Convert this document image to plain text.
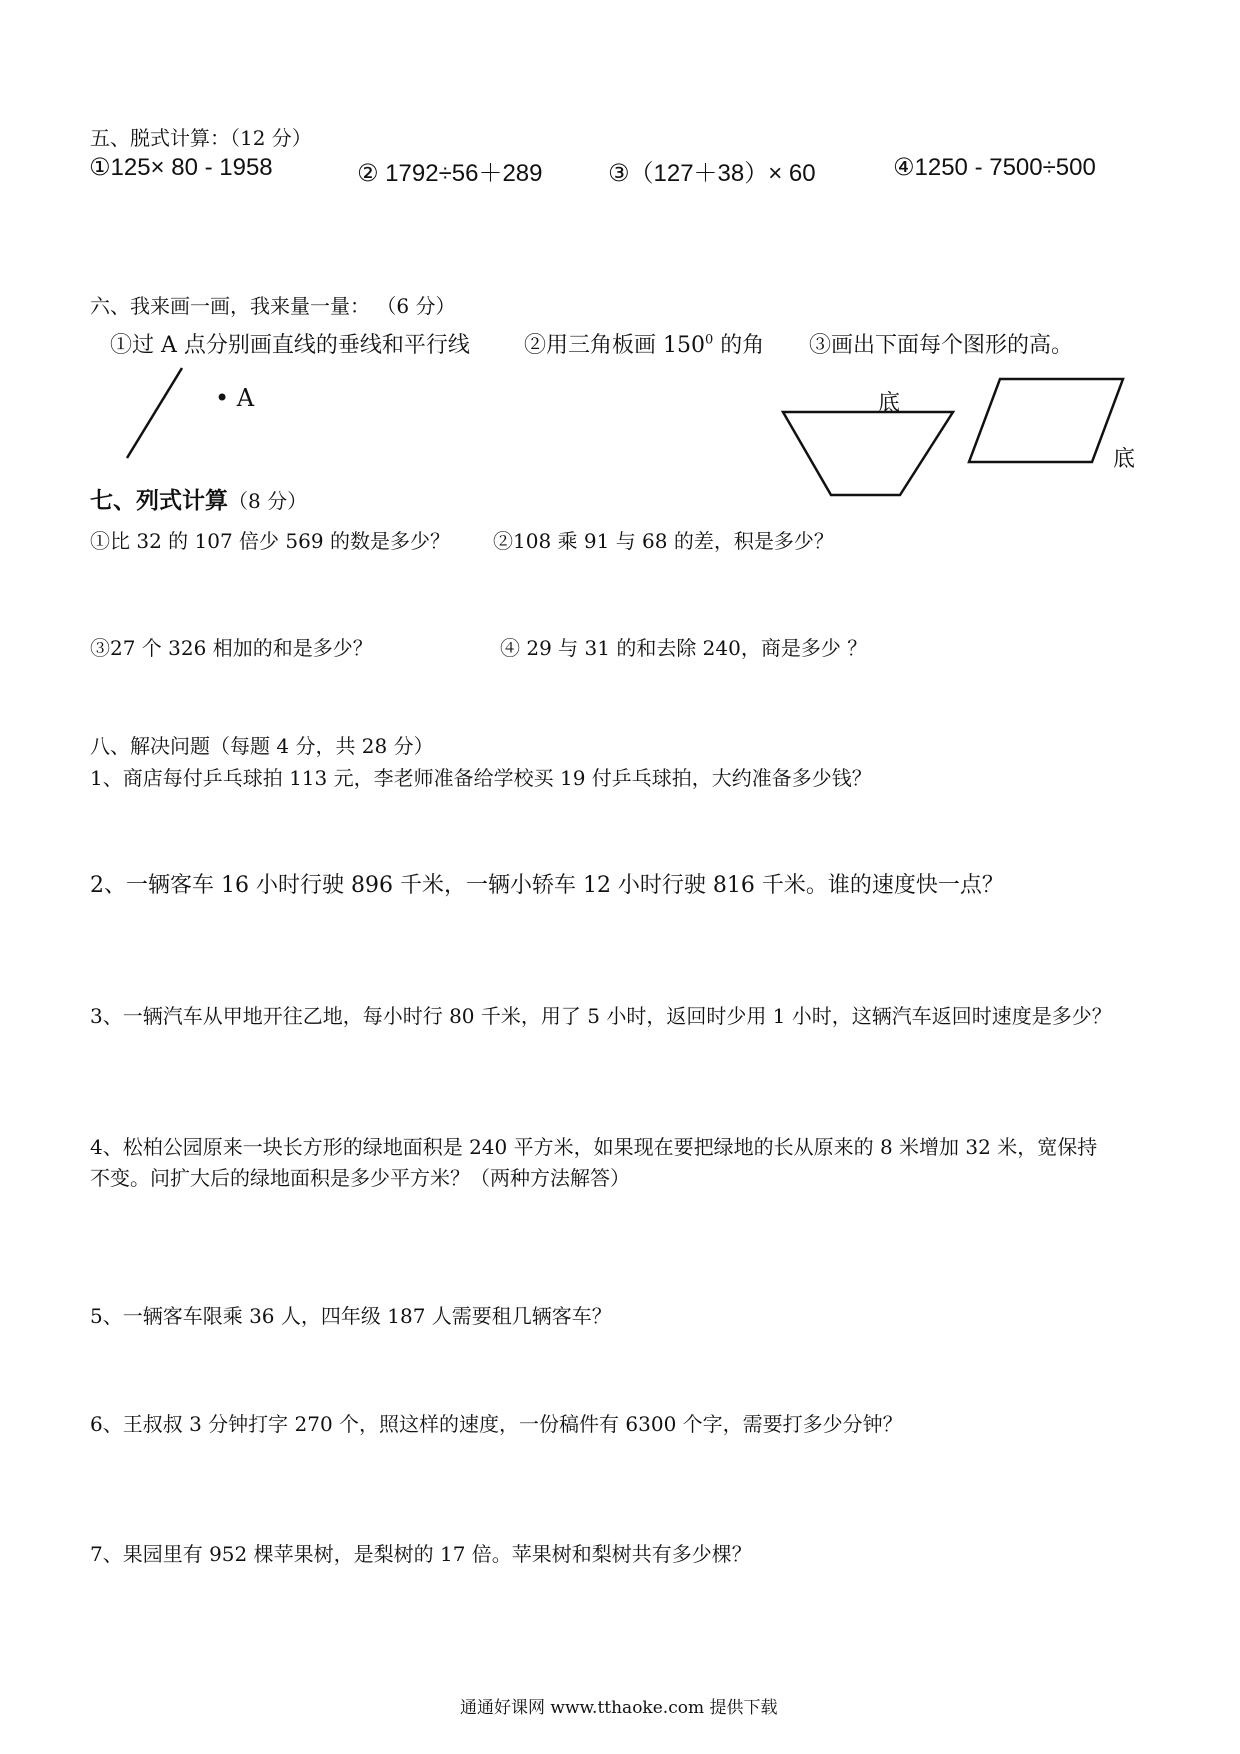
五、脱式计算：（12 分）
①125× 80 - 1958	② 1792÷56＋289	③（127＋38）× 60	④1250 - 7500÷500
六、我来画一画，我来量一量： （6 分）
①过 A 点分别画直线的垂线和平行线 ②用三角板画 $150^0$ 的角 ③画出下面每个图形的高。
• A	底
底
七、列式计算（8 分）
①比 32 的 107 倍少 569 的数是多少？ ②108 乘 91 与 68 的差，积是多少？
③27 个 326 相加的和是多少？	④ 29 与 31 的和去除 240，商是多少 ？
八、解决问题（每题 4 分，共 28 分）
1、商店每付乒乓球拍 113 元，李老师准备给学校买 19 付乒乓球拍，大约准备多少钱？
2、一辆客车 16 小时行驶 896 千米，一辆小轿车 12 小时行驶 816 千米。谁的速度快一点？
3、一辆汽车从甲地开往乙地，每小时行 80 千米，用了 5 小时，返回时少用 1 小时，这辆汽车返回时速度是多少？
4、松柏公园原来一块长方形的绿地面积是 240 平方米，如果现在要把绿地的长从原来的 8 米增加 32 米，宽保持
不变。问扩大后的绿地面积是多少平方米？（两种方法解答）
5、一辆客车限乘 36 人，四年级 187 人需要租几辆客车？
6、王叔叔 3 分钟打字 270 个，照这样的速度，一份稿件有 6300 个字，需要打多少分钟？
7、果园里有 952 棵苹果树，是梨树的 17 倍。苹果树和梨树共有多少棵？
通通好课网 www.tthaoke.com 提供下载
